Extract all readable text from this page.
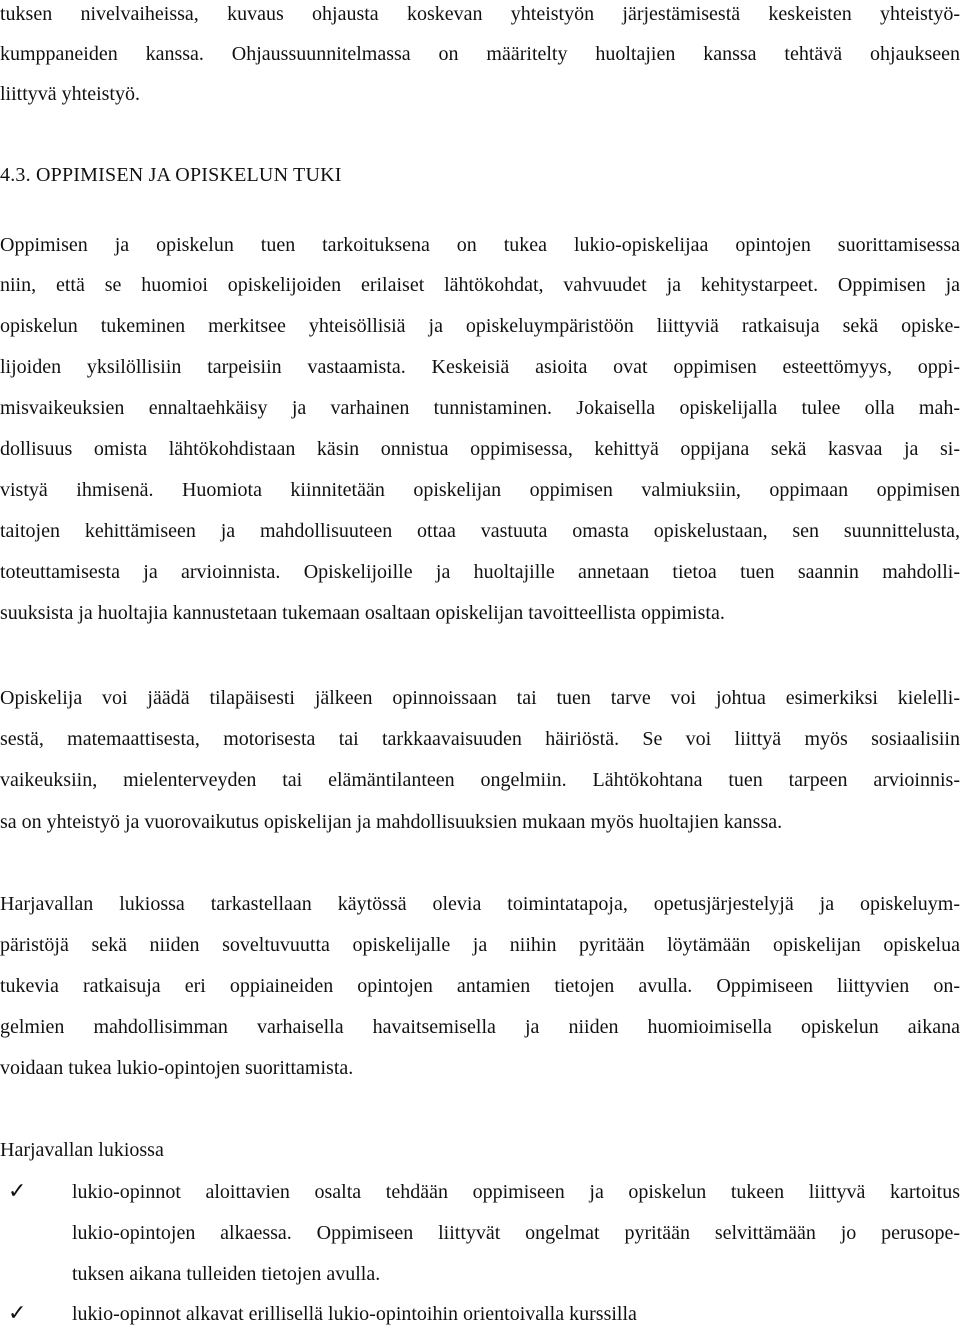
tuksen nivelvaiheissa, kuvaus ohjausta koskevan yhteistyön järjestämisestä keskeisten yhteistyö-
kumppaneiden kanssa. Ohjaussuunnitelmassa on määritelty huoltajien kanssa tehtävä ohjaukseen
liittyvä yhteistyö.
4.3. OPPIMISEN JA OPISKELUN TUKI
Oppimisen ja opiskelun tuen tarkoituksena on tukea lukio-opiskelijaa opintojen suorittamisessa
niin, että se huomioi opiskelijoiden erilaiset lähtökohdat, vahvuudet ja kehitystarpeet. Oppimisen ja
opiskelun tukeminen merkitsee yhteisöllisiä ja opiskeluympäristöön liittyviä ratkaisuja sekä opiske-
lijoiden yksilöllisiin tarpeisiin vastaamista. Keskeisiä asioita ovat oppimisen esteettömyys, oppi-
misvaikeuksien ennaltaehkäisy ja varhainen tunnistaminen. Jokaisella opiskelijalla tulee olla mah-
dollisuus omista lähtökohdistaan käsin onnistua oppimisessa, kehittyä oppijana sekä kasvaa ja si-
vistyä ihmisenä. Huomiota kiinnitetään opiskelijan oppimisen valmiuksiin, oppimaan oppimisen
taitojen kehittämiseen ja mahdollisuuteen ottaa vastuuta omasta opiskelustaan, sen suunnittelusta,
toteuttamisesta ja arvioinnista. Opiskelijoille ja huoltajille annetaan tietoa tuen saannin mahdolli-
suuksista ja huoltajia kannustetaan tukemaan osaltaan opiskelijan tavoitteellista oppimista.
Opiskelija voi jäädä tilapäisesti jälkeen opinnoissaan tai tuen tarve voi johtua esimerkiksi kielelli-
sestä, matemaattisesta, motorisesta tai tarkkaavaisuuden häiriöstä. Se voi liittyä myös sosiaalisiin
vaikeuksiin, mielenterveyden tai elämäntilanteen ongelmiin. Lähtökohtana tuen tarpeen arvioinnis-
sa on yhteistyö ja vuorovaikutus opiskelijan ja mahdollisuuksien mukaan myös huoltajien kanssa.
Harjavallan lukiossa tarkastellaan käytössä olevia toimintatapoja, opetusjärjestelyjä ja opiskeluym-
päristöjä sekä niiden soveltuvuutta opiskelijalle ja niihin pyritään löytämään opiskelijan opiskelua
tukevia ratkaisuja eri oppiaineiden opintojen antamien tietojen avulla. Oppimiseen liittyvien on-
gelmien mahdollisimman varhaisella havaitsemisella ja niiden huomioimisella opiskelun aikana
voidaan tukea lukio-opintojen suorittamista.
Harjavallan lukiossa
✓ lukio-opinnot aloittavien osalta tehdään oppimiseen ja opiskelun tukeen liittyvä kartoitus
lukio-opintojen alkaessa. Oppimiseen liittyvät ongelmat pyritään selvittämään jo perusope-
tuksen aikana tulleiden tietojen avulla.
✓ lukio-opinnot alkavat erillisellä lukio-opintoihin orientoivalla kurssilla
